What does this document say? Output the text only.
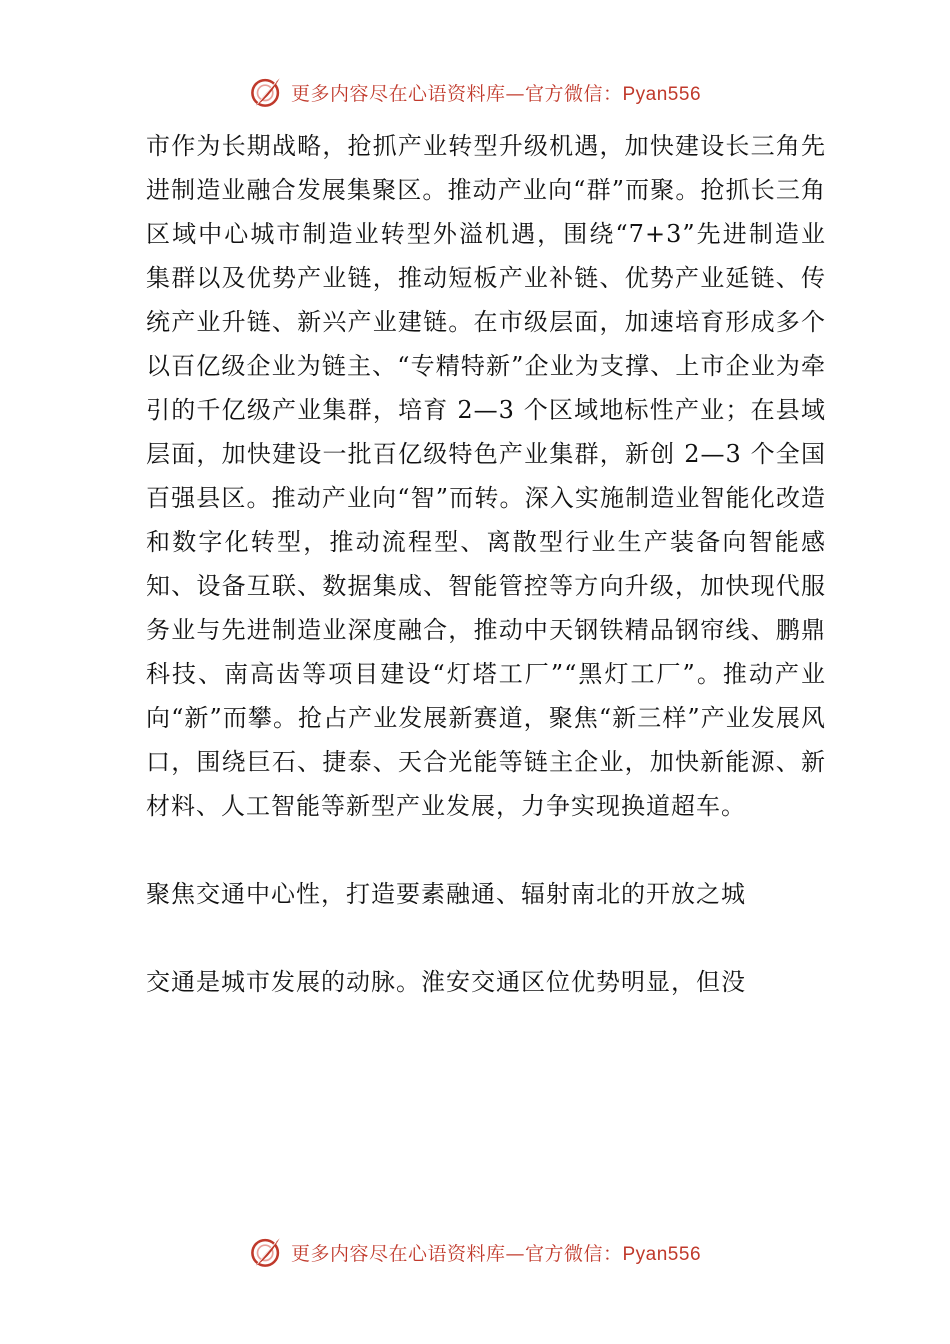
更多内容尽在心语资料库—官方微信：Pyan556

市作为长期战略，抢抓产业转型升级机遇，加快建设长三角先进制造业融合发展集聚区。推动产业向“群”而聚。抢抓长三角区域中心城市制造业转型外溢机遇，围绕“7+3”先进制造业集群以及优势产业链，推动短板产业补链、优势产业延链、传统产业升链、新兴产业建链。在市级层面，加速培育形成多个以百亿级企业为链主、“专精特新”企业为支撑、上市企业为牵引的千亿级产业集群，培育 2—3 个区域地标性产业；在县域层面，加快建设一批百亿级特色产业集群，新创 2—3 个全国百强县区。推动产业向“智”而转。深入实施制造业智能化改造和数字化转型，推动流程型、离散型行业生产装备向智能感知、设备互联、数据集成、智能管控等方向升级，加快现代服务业与先进制造业深度融合，推动中天钢铁精品钢帘线、鹏鼎科技、南高齿等项目建设“灯塔工厂”“黑灯工厂”。推动产业向“新”而攀。抢占产业发展新赛道，聚焦“新三样”产业发展风口，围绕巨石、捷泰、天合光能等链主企业，加快新能源、新材料、人工智能等新型产业发展，力争实现换道超车。

聚焦交通中心性，打造要素融通、辐射南北的开放之城

交通是城市发展的动脉。淮安交通区位优势明显，但没

更多内容尽在心语资料库—官方微信：Pyan556
